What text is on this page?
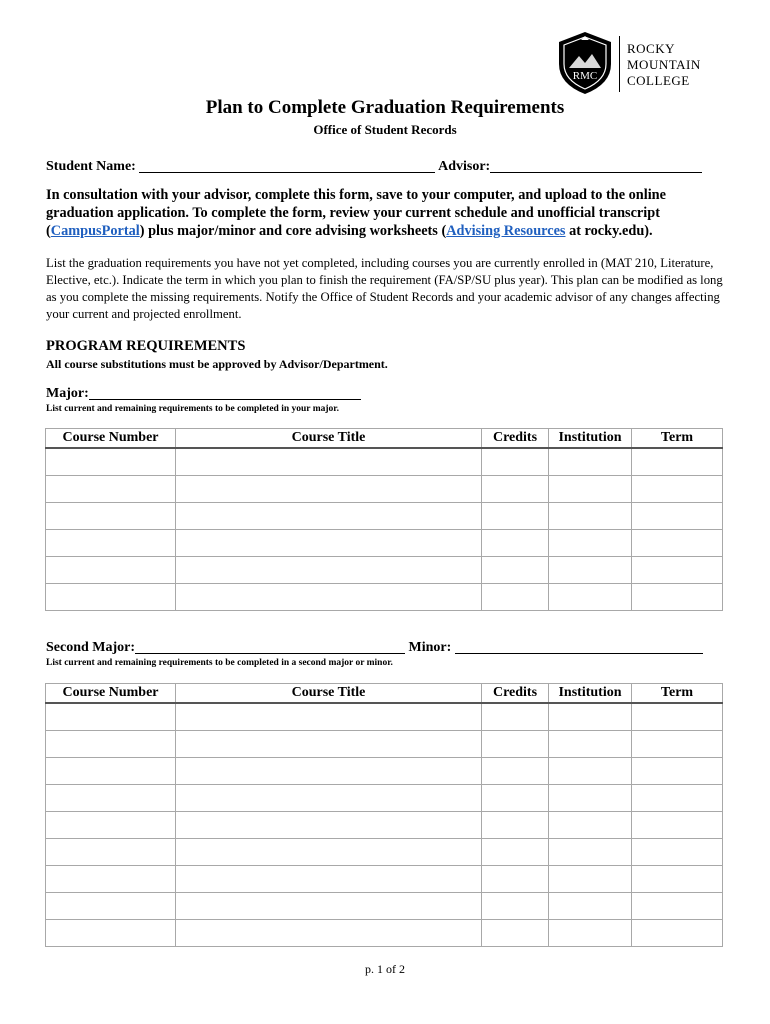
RMC
ROCKY
MOUNTAIN
COLLEGE
Plan to Complete Graduation Requirements
Office of Student Records
Student Name:	Advisor:
In consultation with your advisor, complete this form, save to your computer, and upload to the online graduation application. To complete the form, review your current schedule and unofficial transcript (CampusPortal) plus major/minor and core advising worksheets (Advising Resources at rocky.edu).
List the graduation requirements you have not yet completed, including courses you are currently enrolled in (MAT 210, Literature, Elective, etc.). Indicate the term in which you plan to finish the requirement (FA/SP/SU plus year). This plan can be modified as long as you complete the missing requirements. Notify the Office of Student Records and your academic advisor of any changes affecting your current and projected enrollment.
PROGRAM REQUIREMENTS
All course substitutions must be approved by Advisor/Department.
Major:
List current and remaining requirements to be completed in your major.
Course Number	Course Title	Credits	Institution	Term

Second Major:	Minor:
List current and remaining requirements to be completed in a second major or minor.
Course Number	Course Title	Credits	Institution	Term

p. 1 of 2
